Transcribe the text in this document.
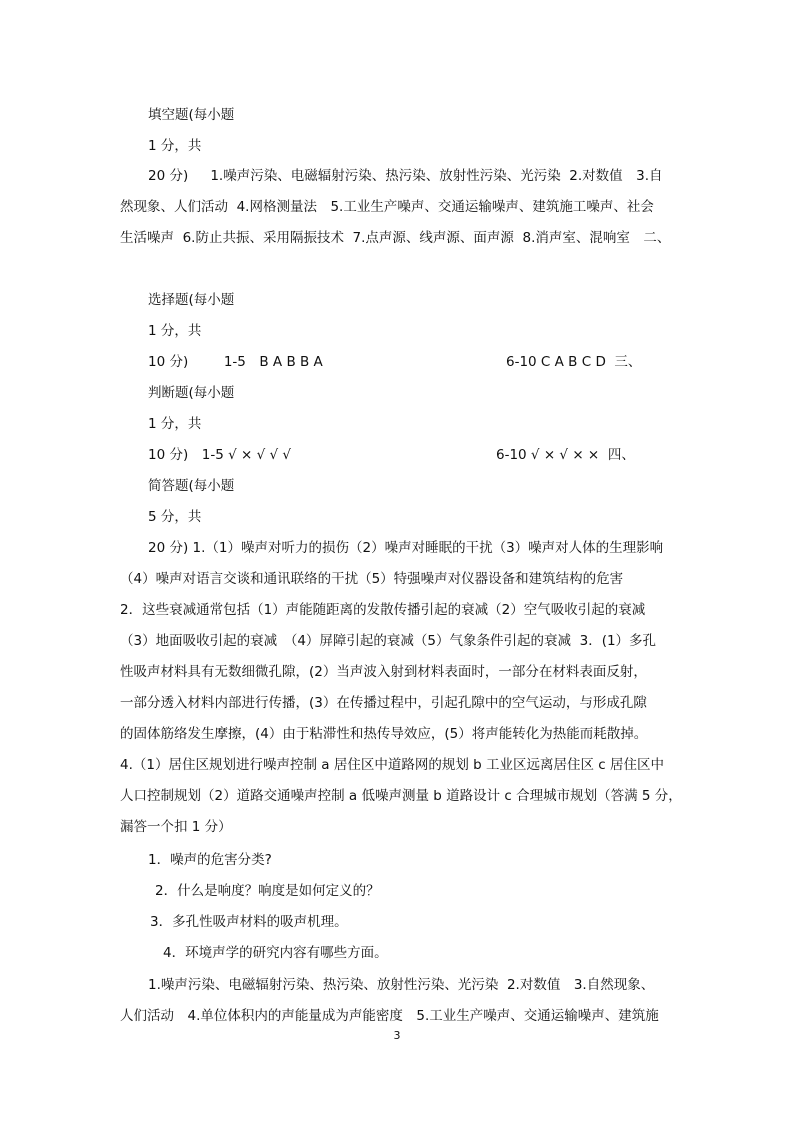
填空题(每小题
1 分，共
20 分)　  1.噪声污染、电磁辐射污染、热污染、放射性污染、光污染  2.对数值　3.自
然现象、人们活动  4.网格测量法　5.工业生产噪声、交通运输噪声、建筑施工噪声、社会
生活噪声  6.防止共振、采用隔振技术  7.点声源、线声源、面声源  8.消声室、混响室　二、
选择题(每小题
1 分，共
10 分)　　  1-5　B A B B A	6-10 C A B C D  三、
判断题(每小题
1 分，共
10 分)　1-5 √ × √ √ √	6-10 √ × √ × ×  四、
简答题(每小题
5 分，共
20 分) 1.（1）噪声对听力的损伤（2）噪声对睡眠的干扰（3）噪声对人体的生理影响
（4）噪声对语言交谈和通讯联络的干扰（5）特强噪声对仪器设备和建筑结构的危害
2．这些衰减通常包括（1）声能随距离的发散传播引起的衰减（2）空气吸收引起的衰减
（3）地面吸收引起的衰减　（4）屏障引起的衰减（5）气象条件引起的衰减  3．(1）多孔
性吸声材料具有无数细微孔隙，(2）当声波入射到材料表面时，一部分在材料表面反射，
一部分透入材料内部进行传播，(3）在传播过程中，引起孔隙中的空气运动，与形成孔隙
的固体筋络发生摩擦，(4）由于粘滞性和热传导效应，(5）将声能转化为热能而耗散掉。
4.（1）居住区规划进行噪声控制 a 居住区中道路网的规划 b 工业区远离居住区 c 居住区中
人口控制规划（2）道路交通噪声控制 a 低噪声测量 b 道路设计 c 合理城市规划（答满 5 分，
漏答一个扣 1 分）
1．噪声的危害分类?
2．什么是响度？响度是如何定义的？
3．多孔性吸声材料的吸声机理。
4．环境声学的研究内容有哪些方面。
1.噪声污染、电磁辐射污染、热污染、放射性污染、光污染  2.对数值　3.自然现象、
人们活动　4.单位体积内的声能量成为声能密度　5.工业生产噪声、交通运输噪声、建筑施
3
